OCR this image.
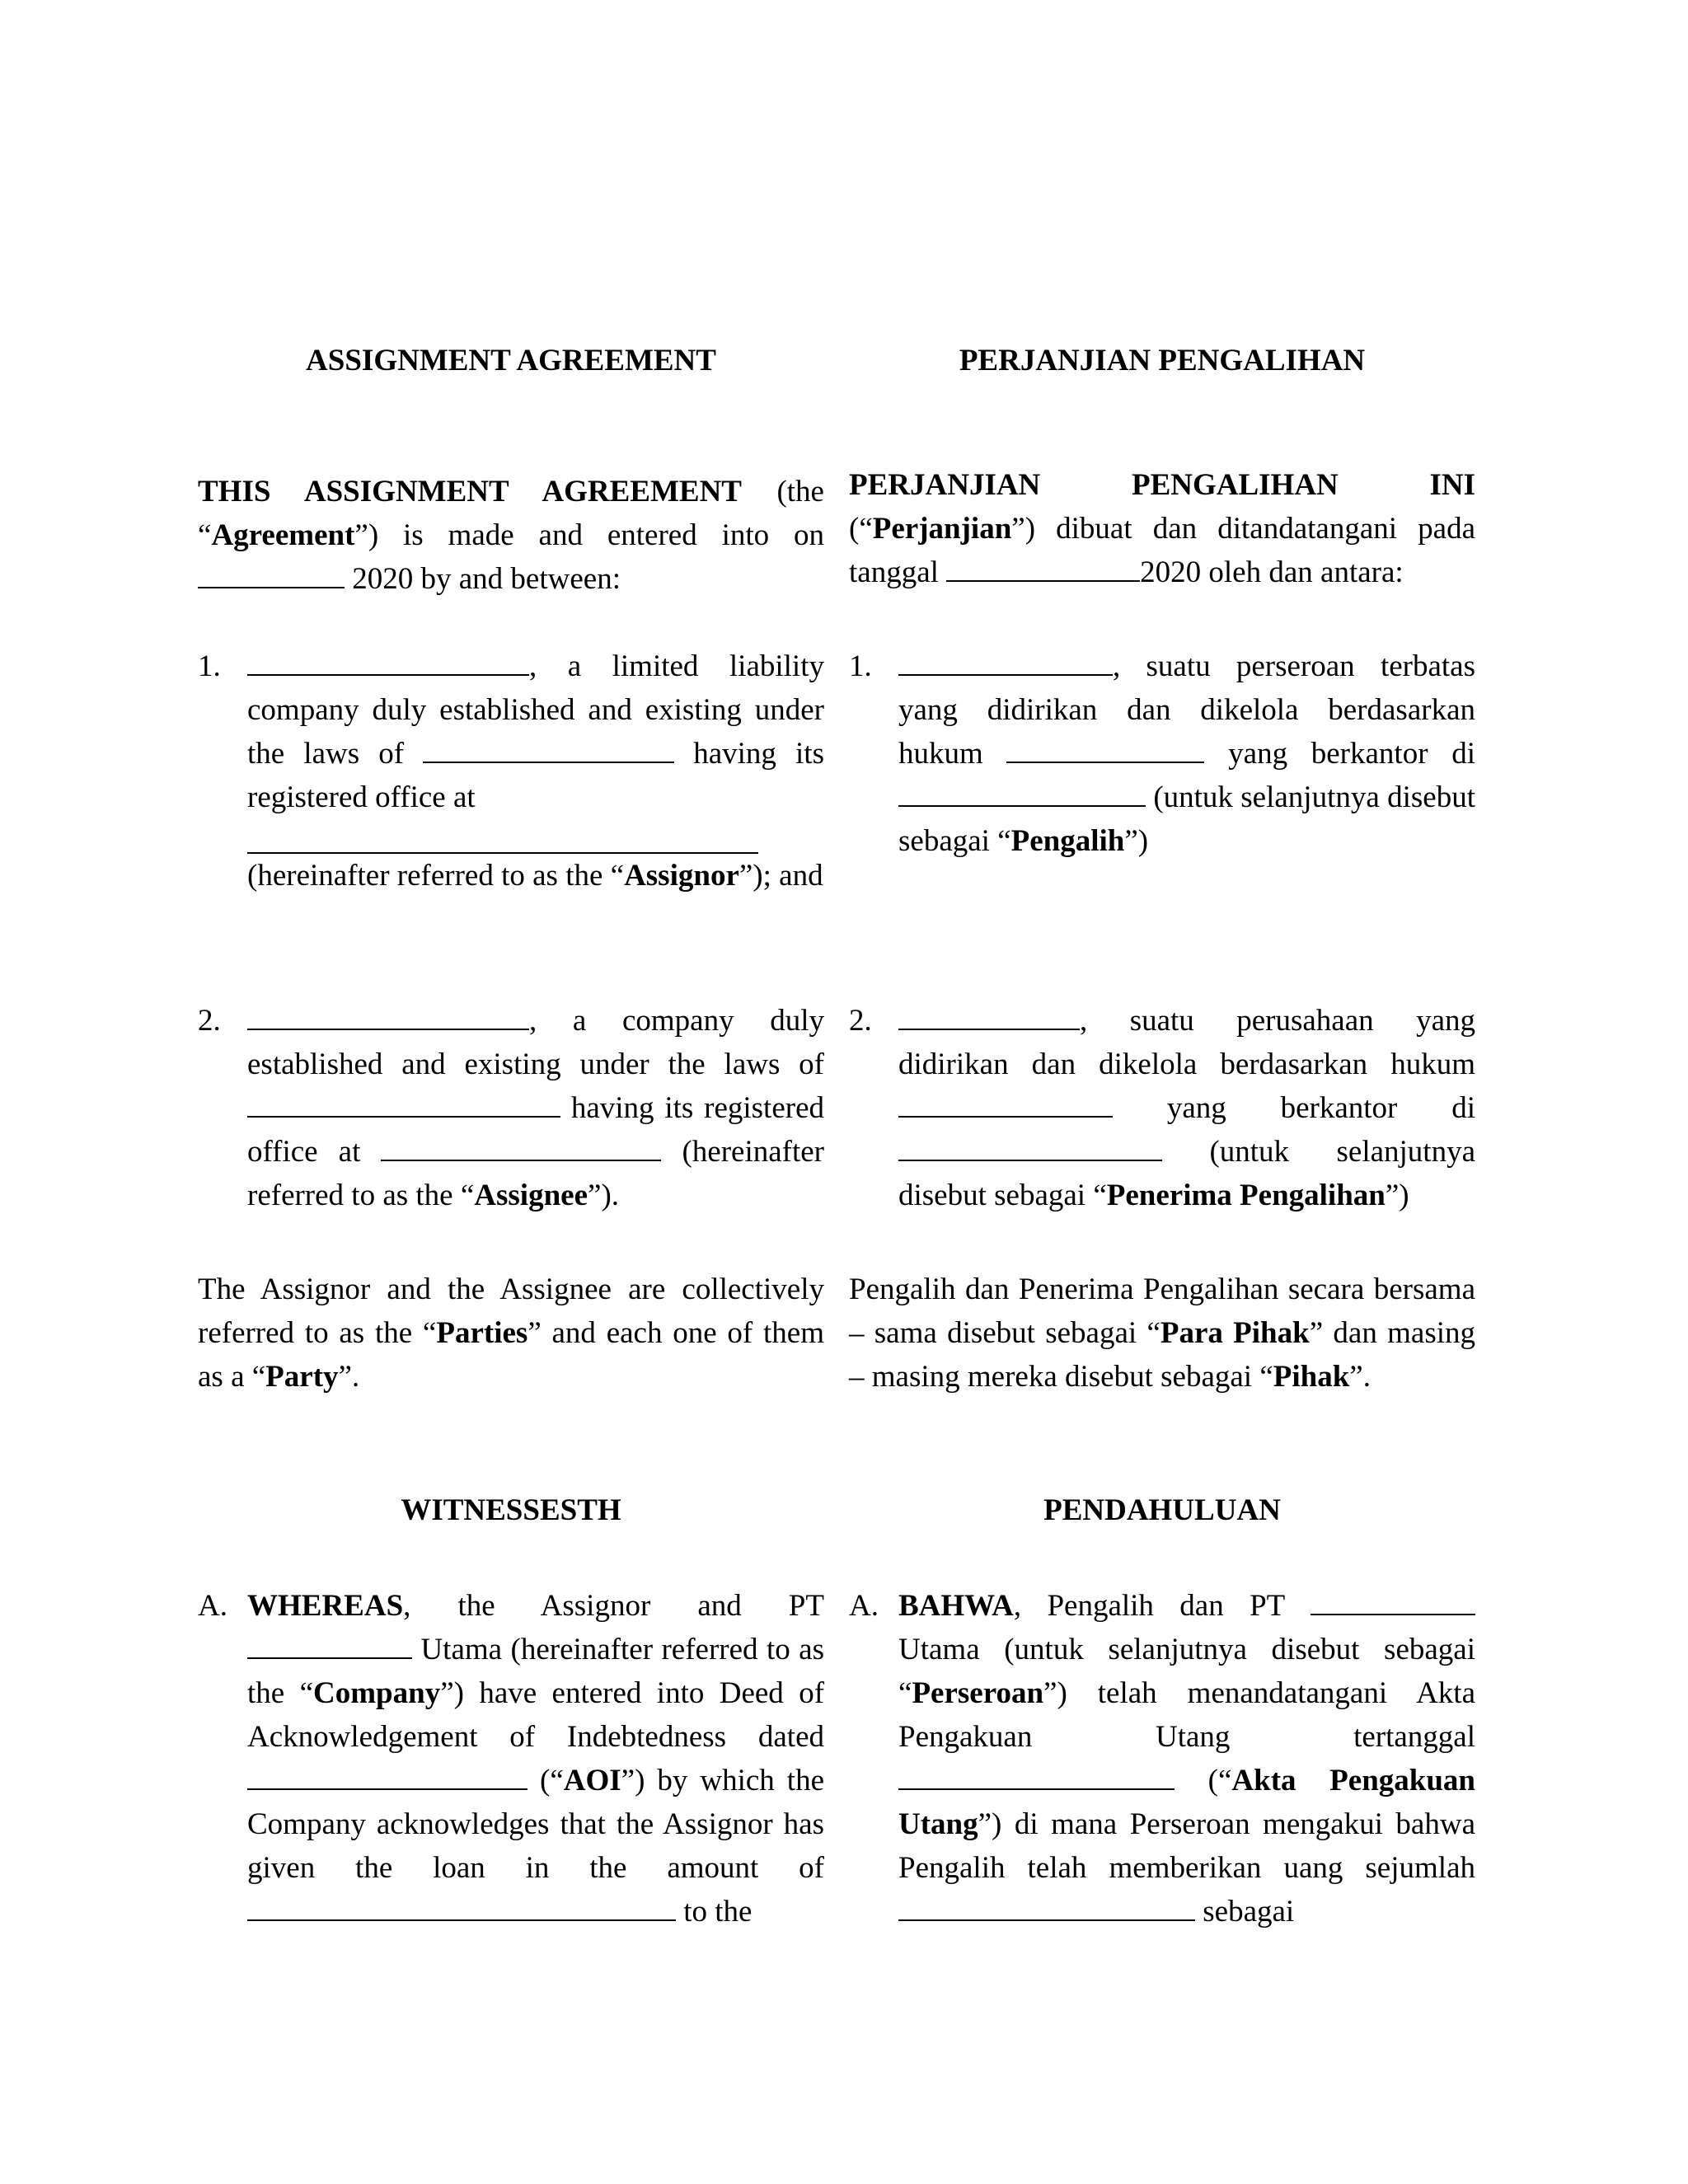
ASSIGNMENT AGREEMENT

THIS ASSIGNMENT AGREEMENT (the “Agreement”) is made and entered into on  2020 by and between:

1.	, a limited liability company duly established and existing under the laws of	having its registered office at
(hereinafter referred to as the “Assignor”); and

2.	, a company duly established and existing under the laws of  having its registered office at	(hereinafter referred to as the “Assignee”).

The Assignor and the Assignee are collectively referred to as the “Parties” and each one of them as a “Party”.

WITNESSESTH

A. WHEREAS, the Assignor and PT  Utama (hereinafter referred to as the “Company”) have entered into Deed of Acknowledgement of Indebtedness dated  (“AOI”) by which the Company acknowledges that the Assignor has given the loan in the amount of  to the

PERJANJIAN PENGALIHAN

PERJANJIAN PENGALIHAN INI (“Perjanjian”) dibuat dan ditandatangani pada tanggal	2020 oleh dan antara:

1.	, suatu perseroan terbatas yang didirikan dan dikelola berdasarkan hukum	yang berkantor di  (untuk selanjutnya disebut sebagai “Pengalih”)

2.	, suatu perusahaan yang didirikan dan dikelola berdasarkan hukum  yang berkantor di  (untuk selanjutnya disebut sebagai “Penerima Pengalihan”)

Pengalih dan Penerima Pengalihan secara bersama – sama disebut sebagai “Para Pihak” dan masing – masing mereka disebut sebagai “Pihak”.

PENDAHULUAN

A. BAHWA, Pengalih dan PT  Utama (untuk selanjutnya disebut sebagai “Perseroan”) telah menandatangani Akta Pengakuan Utang tertanggal  (“Akta Pengakuan Utang”) di mana Perseroan mengakui bahwa Pengalih telah memberikan uang sejumlah  sebagai
